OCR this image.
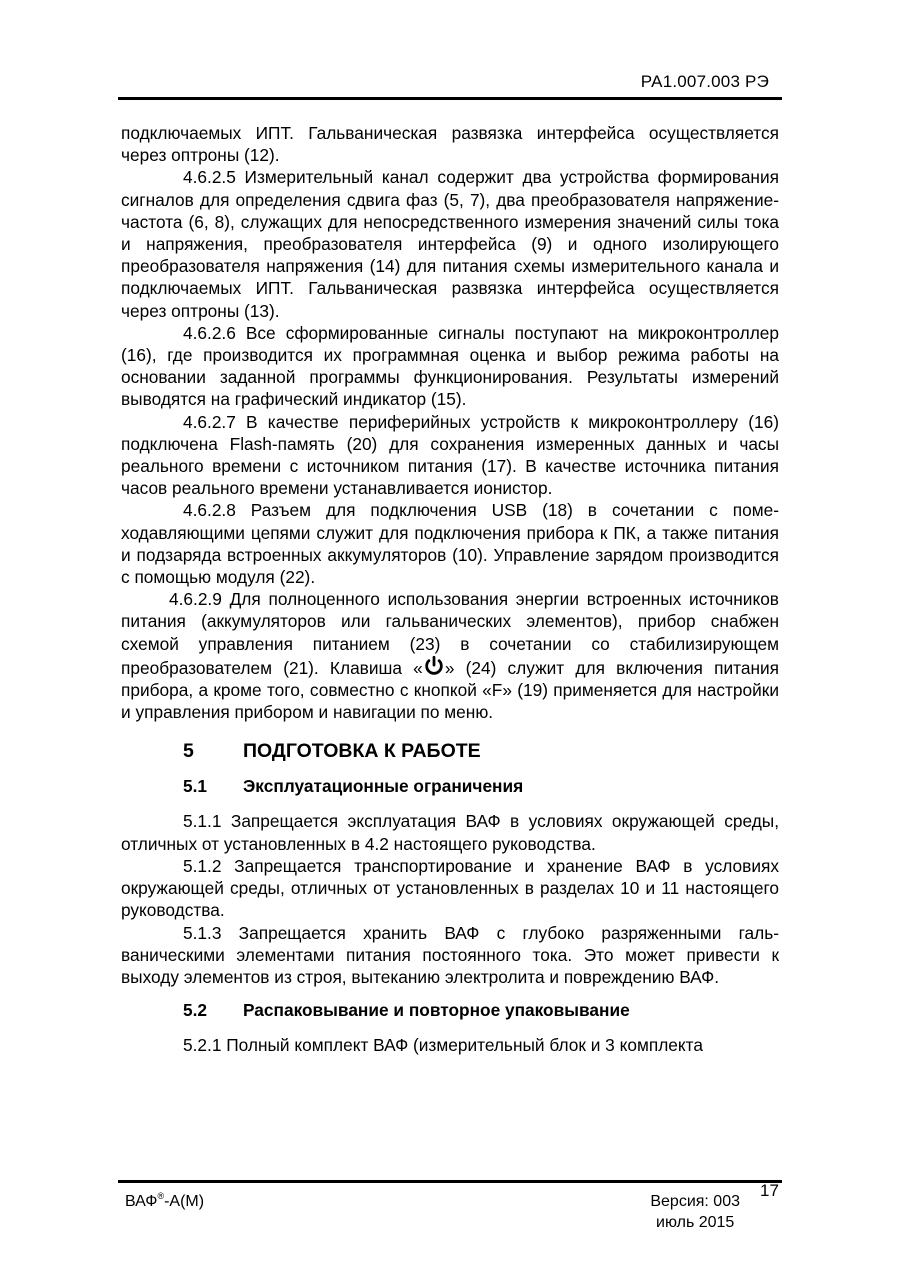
РА1.007.003 РЭ

подключаемых ИПТ. Гальваническая развязка интерфейса осуществляется через оптроны (12).

4.6.2.5 Измерительный канал содержит два устройства формирования сигналов для определения сдвига фаз (5, 7), два преобразователя напряжение-частота (6, 8), служащих для непосредственного измерения значений силы тока и напряжения, преобразователя интерфейса (9) и одного изолирующего преобразователя напряжения (14) для питания схемы измерительного канала и подключаемых ИПТ. Гальваническая развязка интерфейса осуществляется через оптроны (13).

4.6.2.6 Все сформированные сигналы поступают на микроконтроллер (16), где производится их программная оценка и выбор режима работы на основании заданной программы функционирования. Результаты измерений выводятся на графический индикатор (15).

4.6.2.7 В качестве периферийных устройств к микроконтроллеру (16) подключена Flash-память (20) для сохранения измеренных данных и часы реального времени с источником питания (17). В качестве источника питания часов реального времени устанавливается ионистор.

4.6.2.8 Разъем для подключения USB (18) в сочетании с помеходавляющими цепями служит для подключения прибора к ПК, а также питания и подзаряда встроенных аккумуляторов (10). Управление зарядом производится с помощью модуля (22).

4.6.2.9 Для полноценного использования энергии встроенных источников питания (аккумуляторов или гальванических элементов), прибор снабжен схемой управления питанием (23) в сочетании со стабилизирующем преобразователем (21). Клавиша « » (24) служит для включения питания прибора, а кроме того, совместно с кнопкой «F» (19) применяется для настройки и управления прибором и навигации по меню.

5	ПОДГОТОВКА К РАБОТЕ
5.1	Эксплуатационные ограничения

5.1.1 Запрещается эксплуатация ВАФ в условиях окружающей среды, отличных от установленных в 4.2 настоящего руководства.

5.1.2 Запрещается транспортирование и хранение ВАФ в условиях окружающей среды, отличных от установленных в разделах 10 и 11 настоящего руководства.

5.1.3 Запрещается хранить ВАФ с глубоко разряженными гальваническими элементами питания постоянного тока. Это может привести к выходу элементов из строя, вытеканию электролита и повреждению ВАФ.

5.2	Распаковывание и повторное упаковывание

5.2.1 Полный комплект ВАФ (измерительный блок и 3 комплекта

ВАФ®-А(М)	Версия: 003
июль 2015
17
